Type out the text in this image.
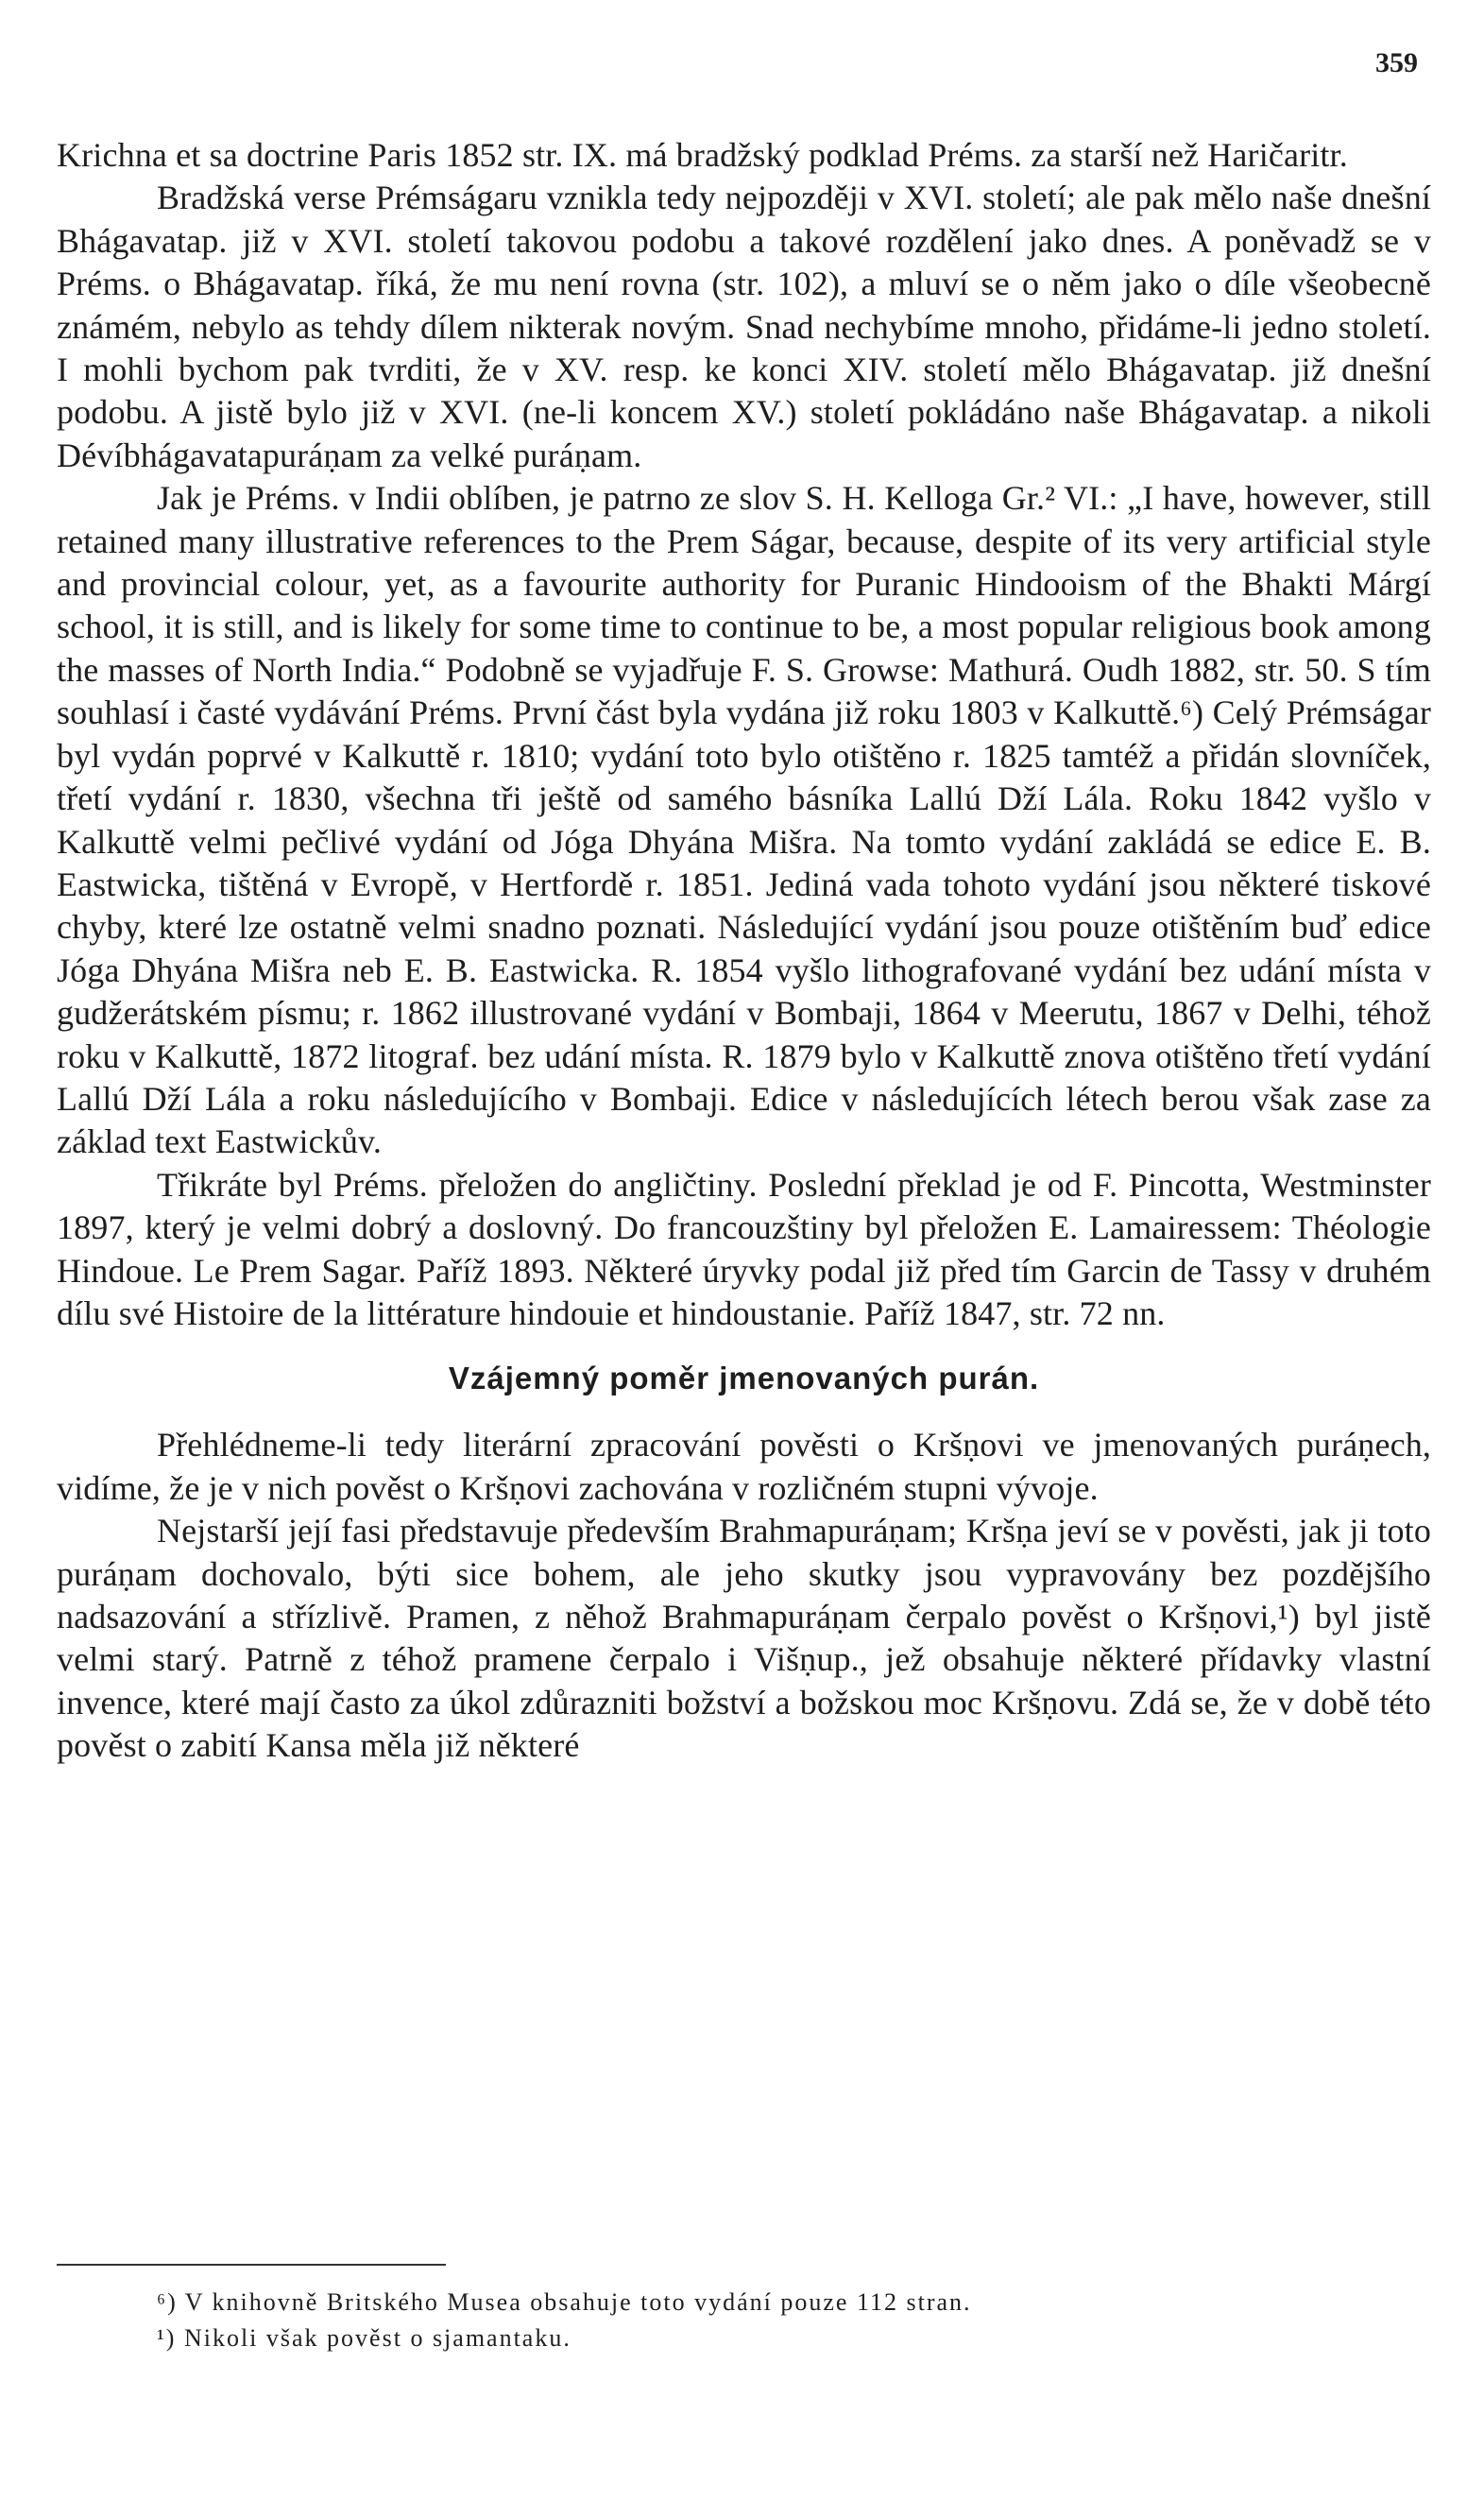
359

Krichna et sa doctrine Paris 1852 str. IX. má bradžský podklad Préms. za starší než Haričaritr.

Bradžská verse Prémságaru vznikla tedy nejpozději v XVI. století; ale pak mělo naše dnešní Bhágavatap. již v XVI. století takovou podobu a takové rozdělení jako dnes. A poněvadž se v Préms. o Bhágavatap. říká, že mu není rovna (str. 102), a mluví se o něm jako o díle všeobecně známém, nebylo as tehdy dílem nikterak novým. Snad nechybíme mnoho, přidáme-li jedno století. I mohli bychom pak tvrditi, že v XV. resp. ke konci XIV. století mělo Bhágavatap. již dnešní podobu. A jistě bylo již v XVI. (ne-li koncem XV.) století pokládáno naše Bhágavatap. a nikoli Dévíbhágavatapuráṇam za velké puráṇam.

Jak je Préms. v Indii oblíben, je patrno ze slov S. H. Kelloga Gr.² VI.: „I have, however, still retained many illustrative references to the Prem Ságar, because, despite of its very artificial style and provincial colour, yet, as a favourite authority for Puranic Hindooism of the Bhakti Márgí school, it is still, and is likely for some time to continue to be, a most popular religious book among the masses of North India.“ Podobně se vyjadřuje F. S. Growse: Mathurá. Oudh 1882, str. 50. S tím souhlasí i časté vydávání Préms. První část byla vydána již roku 1803 v Kalkuttě.⁶) Celý Prémságar byl vydán poprvé v Kalkuttě r. 1810; vydání toto bylo otištěno r. 1825 tamtéž a přidán slovníček, třetí vydání r. 1830, všechna tři ještě od samého básníka Lallú Dží Lála. Roku 1842 vyšlo v Kalkuttě velmi pečlivé vydání od Jóga Dhyána Mišra. Na tomto vydání zakládá se edice E. B. Eastwicka, tištěná v Evropě, v Hertfordě r. 1851. Jediná vada tohoto vydání jsou některé tiskové chyby, které lze ostatně velmi snadno poznati. Následující vydání jsou pouze otištěním buď edice Jóga Dhyána Mišra neb E. B. Eastwicka. R. 1854 vyšlo lithografované vydání bez udání místa v gudžerátském písmu; r. 1862 illustrované vydání v Bombaji, 1864 v Meerutu, 1867 v Delhi, téhož roku v Kalkuttě, 1872 litograf. bez udání místa. R. 1879 bylo v Kalkuttě znova otištěno třetí vydání Lallú Dží Lála a roku následujícího v Bombaji. Edice v následujících létech berou však zase za základ text Eastwickův.

Třikráte byl Préms. přeložen do angličtiny. Poslední překlad je od F. Pincotta, Westminster 1897, který je velmi dobrý a doslovný. Do francouzštiny byl přeložen E. Lamairessem: Théologie Hindoue. Le Prem Sagar. Paříž 1893. Některé úryvky podal již před tím Garcin de Tassy v druhém dílu své Histoire de la littérature hindouie et hindoustanie. Paříž 1847, str. 72 nn.

Vzájemný poměr jmenovaných purán.

Přehlédneme-li tedy literární zpracování pověsti o Kršṇovi ve jmenovaných puráṇech, vidíme, že je v nich pověst o Kršṇovi zachována v rozličném stupni vývoje.

Nejstarší její fasi představuje především Brahmapuráṇam; Kršṇa jeví se v pověsti, jak ji toto puráṇam dochovalo, býti sice bohem, ale jeho skutky jsou vypravovány bez pozdějšího nadsazování a střízlivě. Pramen, z něhož Brahmapuráṇam čerpalo pověst o Kršṇovi,¹) byl jistě velmi starý. Patrně z téhož pramene čerpalo i Višṇup., jež obsahuje některé přídavky vlastní invence, které mají často za úkol zdůrazniti božství a božskou moc Kršṇovu. Zdá se, že v době této pověst o zabití Kansa měla již některé

⁶) V knihovně Britského Musea obsahuje toto vydání pouze 112 stran.

¹) Nikoli však pověst o sjamantaku.
